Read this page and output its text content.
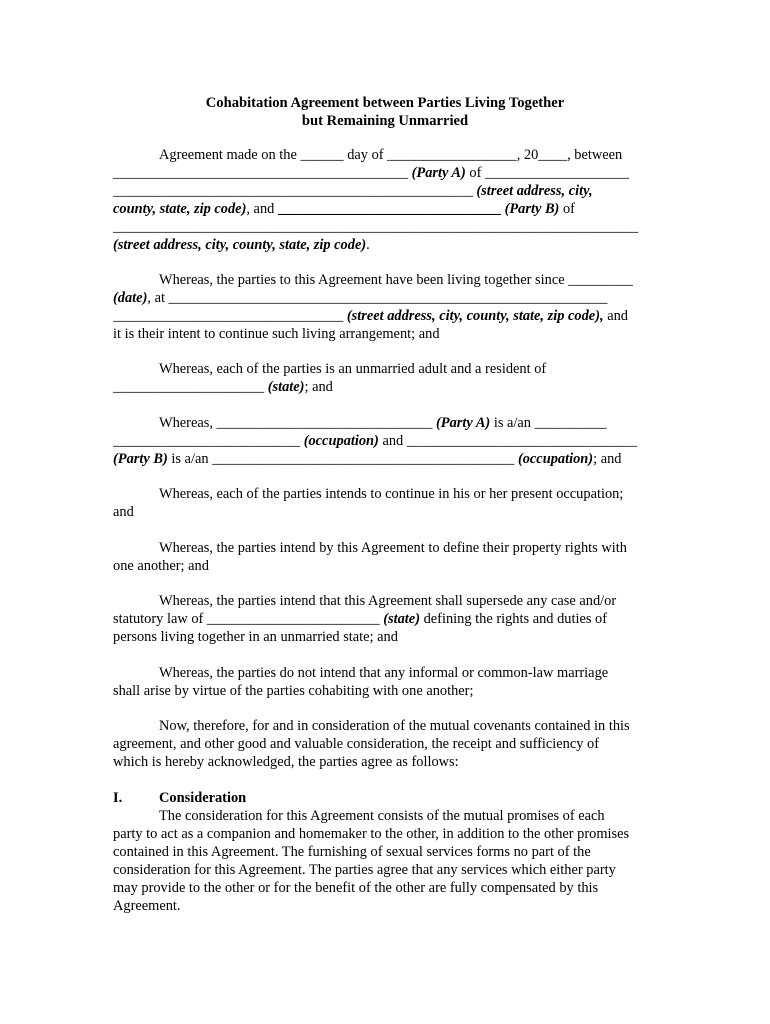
Cohabitation Agreement between Parties Living Together
but Remaining Unmarried
Agreement made on the ______ day of __________________, 20____, between
_________________________________________ (Party A) of ____________________
__________________________________________________ (street address, city,
county, state, zip code), and _______________________________ (Party B) of
_________________________________________________________________________
(street address, city, county, state, zip code).
Whereas, the parties to this Agreement have been living together since _________
(date), at _____________________________________________________________
________________________________ (street address, city, county, state, zip code), and
it is their intent to continue such living arrangement; and
Whereas, each of the parties is an unmarried adult and a resident of
_____________________ (state); and
Whereas, ______________________________ (Party A) is a/an __________
__________________________ (occupation) and ________________________________
(Party B) is a/an __________________________________________ (occupation); and
Whereas, each of the parties intends to continue in his or her present occupation;
and
Whereas, the parties intend by this Agreement to define their property rights with
one another; and
Whereas, the parties intend that this Agreement shall supersede any case and/or
statutory law of ________________________ (state) defining the rights and duties of
persons living together in an unmarried state; and
Whereas, the parties do not intend that any informal or common-law marriage
shall arise by virtue of the parties cohabiting with one another;
Now, therefore, for and in consideration of the mutual covenants contained in this
agreement, and other good and valuable consideration, the receipt and sufficiency of
which is hereby acknowledged, the parties agree as follows:
I.	Consideration
The consideration for this Agreement consists of the mutual promises of each
party to act as a companion and homemaker to the other, in addition to the other promises
contained in this Agreement. The furnishing of sexual services forms no part of the
consideration for this Agreement. The parties agree that any services which either party
may provide to the other or for the benefit of the other are fully compensated by this
Agreement.
